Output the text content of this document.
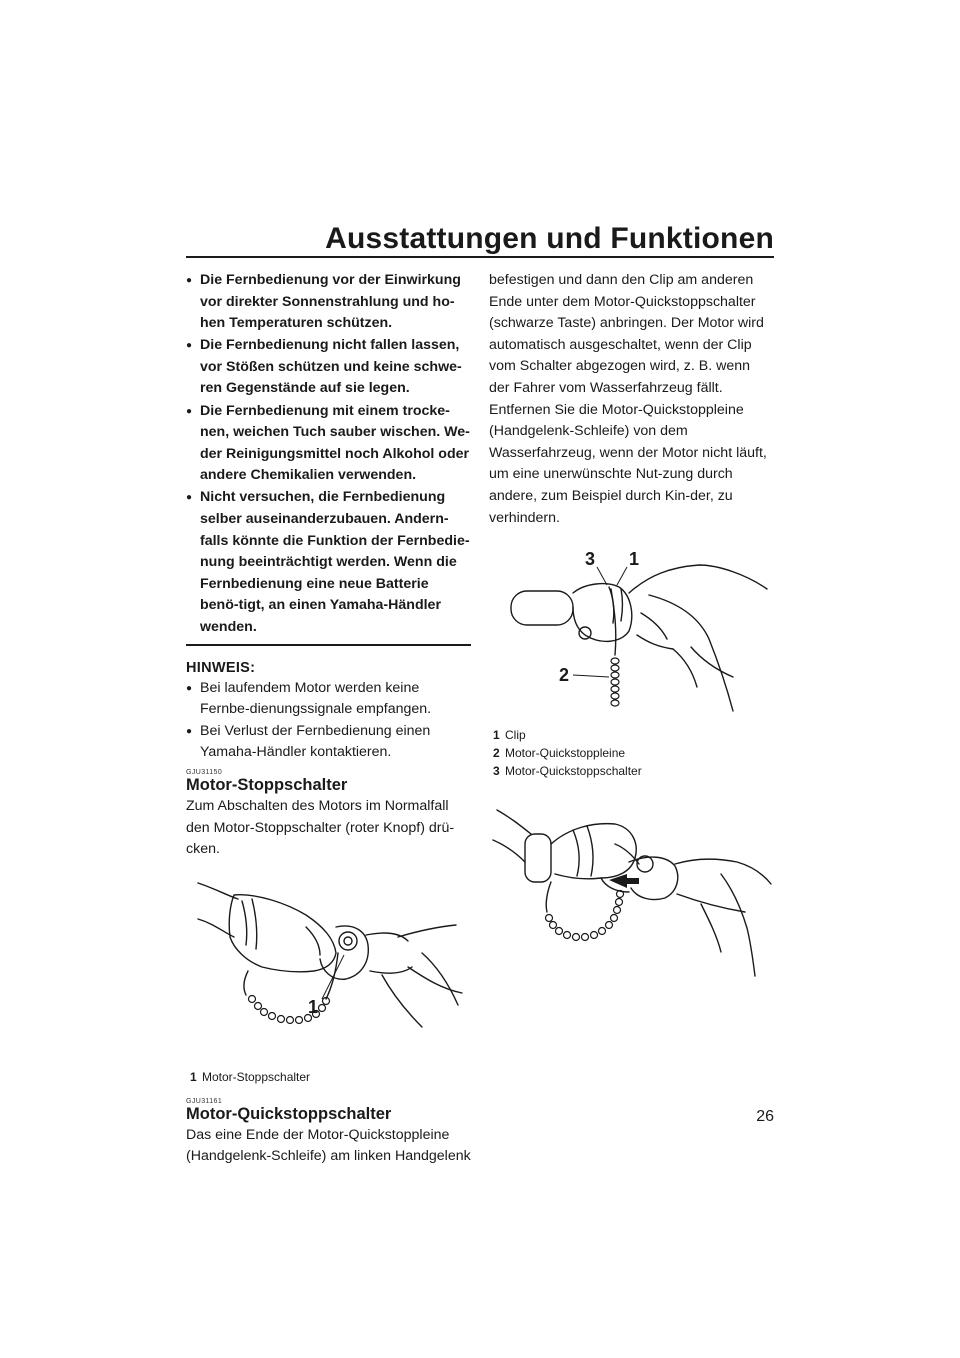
Ausstattungen und Funktionen
● Die Fernbedienung vor der Einwirkung vor direkter Sonnenstrahlung und ho-hen Temperaturen schützen.
● Die Fernbedienung nicht fallen lassen, vor Stößen schützen und keine schwe-ren Gegenstände auf sie legen.
● Die Fernbedienung mit einem trocke-nen, weichen Tuch sauber wischen. We-der Reinigungsmittel noch Alkohol oder andere Chemikalien verwenden.
● Nicht versuchen, die Fernbedienung selber auseinanderzubauen. Andern-falls könnte die Funktion der Fernbedie-nung beeinträchtigt werden. Wenn die Fernbedienung eine neue Batterie benö-tigt, an einen Yamaha-Händler wenden.
HINWEIS:
● Bei laufendem Motor werden keine Fernbe-dienungssignale empfangen.
● Bei Verlust der Fernbedienung einen Yamaha-Händler kontaktieren.
GJU31150
Motor-Stoppschalter

Zum Abschalten des Motors im Normalfall den Motor-Stoppschalter (roter Knopf) drü-cken.

1
1 Motor-Stoppschalter
GJU31161
Motor-Quickstoppschalter

Das eine Ende der Motor-Quickstoppleine (Handgelenk-Schleife) am linken Handgelenk

befestigen und dann den Clip am anderen Ende unter dem Motor-Quickstoppschalter (schwarze Taste) anbringen. Der Motor wird automatisch ausgeschaltet, wenn der Clip vom Schalter abgezogen wird, z. B. wenn der Fahrer vom Wasserfahrzeug fällt. Entfernen Sie die Motor-Quickstoppleine (Handgelenk-Schleife) von dem Wasserfahrzeug, wenn der Motor nicht läuft, um eine unerwünschte Nut-zung durch andere, zum Beispiel durch Kin-der, zu verhindern.

3 1
2
1 Clip
2 Motor-Quickstoppleine
3 Motor-Quickstoppschalter
26
